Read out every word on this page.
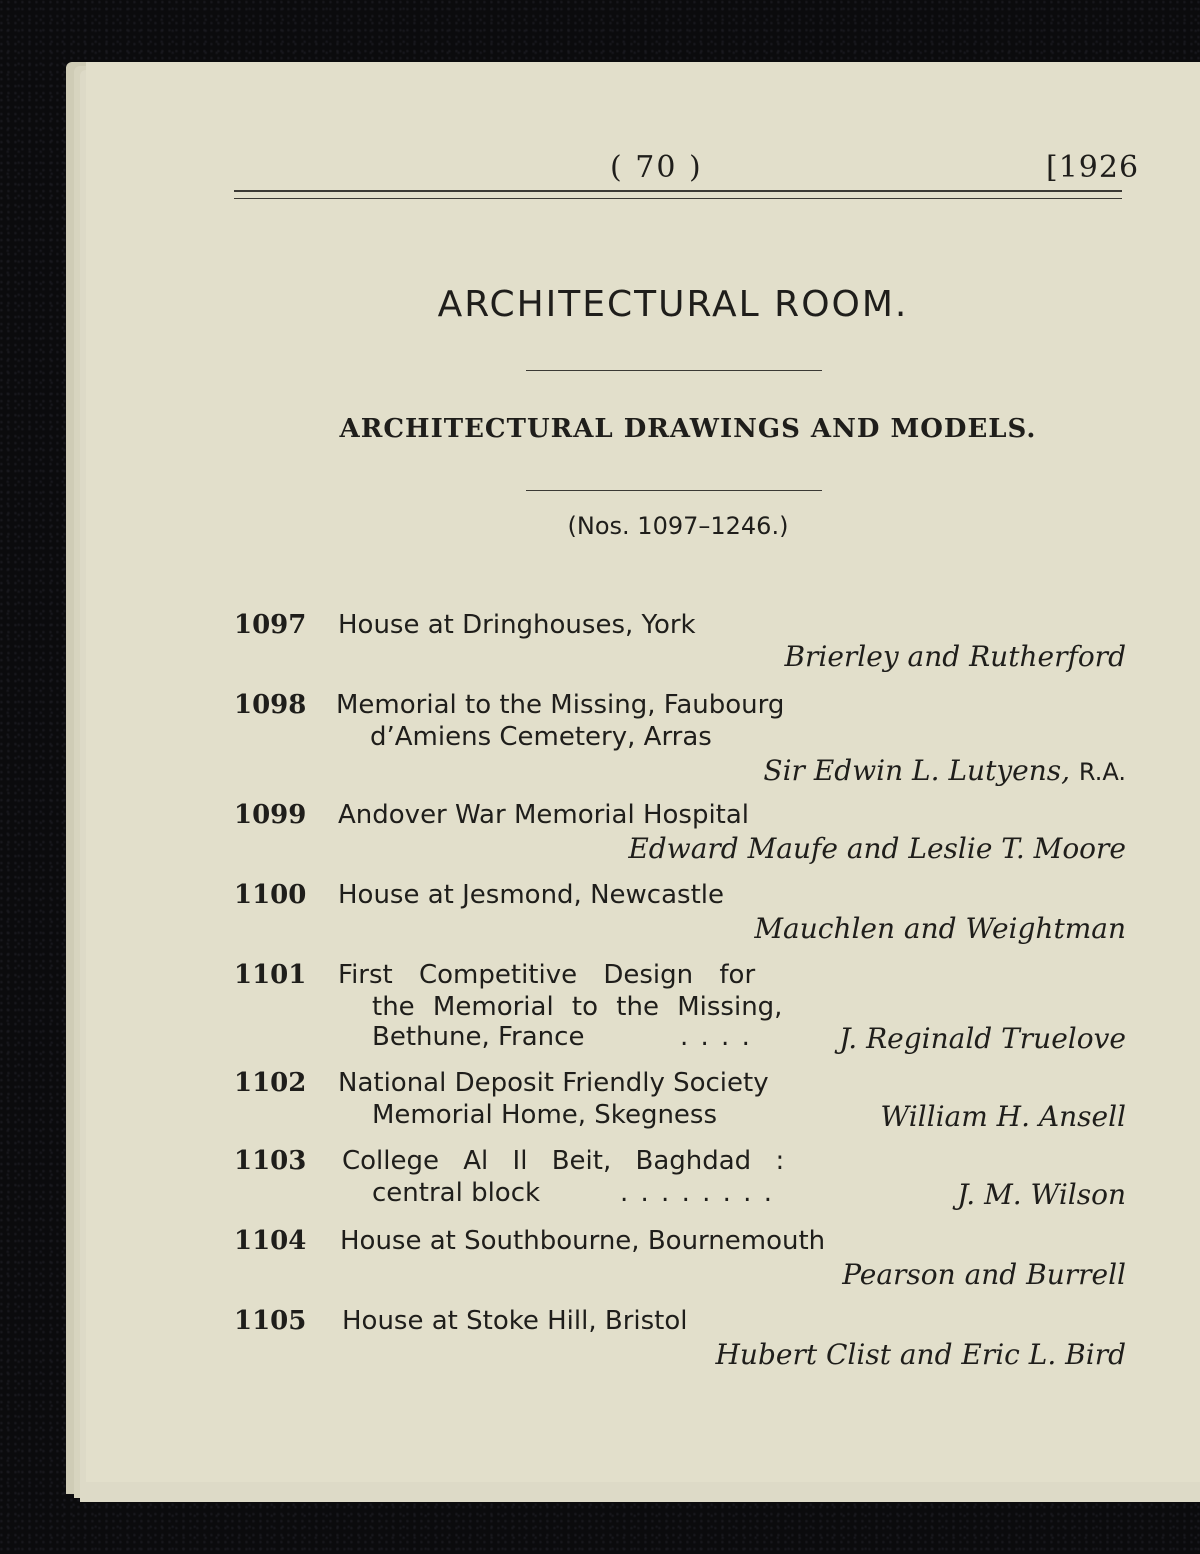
( 70 )	[1926
ARCHITECTURAL ROOM.
ARCHITECTURAL DRAWINGS AND MODELS.
(Nos. 1097–1246.)
1097 House at Dringhouses, York
Brierley and Rutherford
1098 Memorial to the Missing, Faubourg
d’Amiens Cemetery, Arras
Sir Edwin L. Lutyens, R.A.
1099 Andover War Memorial Hospital
Edward Maufe and Leslie T. Moore
1100 House at Jesmond, Newcastle
Mauchlen and Weightman
1101 First Competitive Design for
the Memorial to the Missing,
Bethune, France	. . . .	J. Reginald Truelove
1102 National Deposit Friendly Society
Memorial Home, Skegness	William H. Ansell
1103 College Al Il Beit, Baghdad :
central block	. . . . . . . .	J. M. Wilson
1104 House at Southbourne, Bournemouth
Pearson and Burrell
1105 House at Stoke Hill, Bristol
Hubert Clist and Eric L. Bird
